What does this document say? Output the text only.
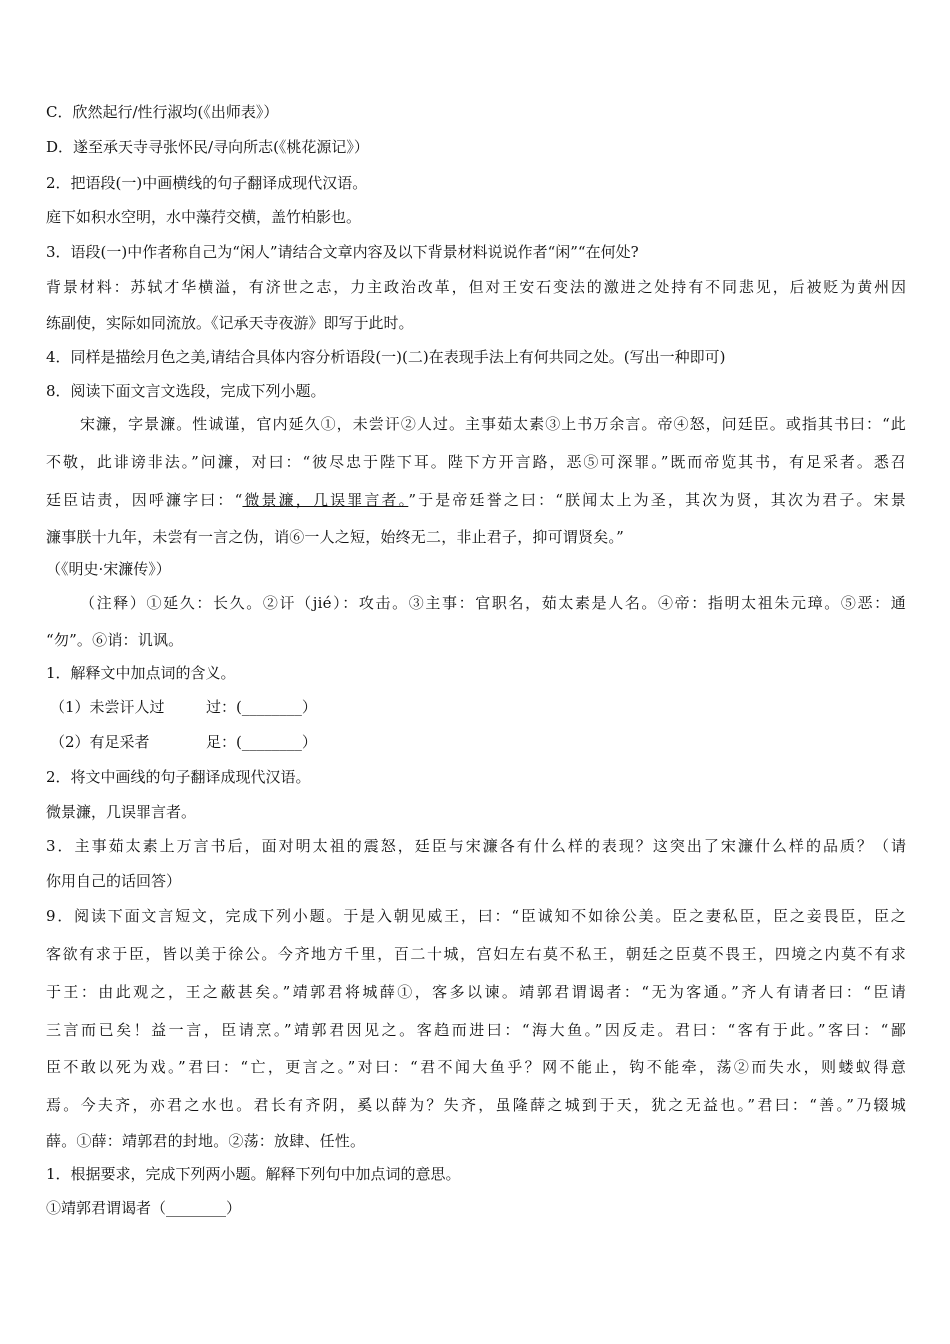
C．欣然起行/性行淑均(《出师表》）
D．遂至承天寺寻张怀民/寻向所志(《桃花源记》）
2．把语段(一)中画横线的句子翻译成现代汉语。
庭下如积水空明，水中藻荇交横，盖竹柏影也。
3．语段(一)中作者称自己为“闲人”请结合文章内容及以下背景材料说说作者“闲”“在何处?
背景材料：苏轼才华横溢，有济世之志，力主政治改革，但对王安石变法的激进之处持有不同悲见，后被贬为黄州因
练副使，实际如同流放。《记承天寺夜游》即写于此时。
4．同样是描绘月色之美,请结合具体内容分析语段(一)(二)在表现手法上有何共同之处。(写出一种即可)
8．阅读下面文言文选段，完成下列小题。
宋濂，字景濂。性诚谨，官内延久①，未尝讦②人过。主事茹太素③上书万余言。帝④怒，问廷臣。或指其书曰：“此
不敬，此诽谤非法。”问濂，对曰：“彼尽忠于陛下耳。陛下方开言路，恶⑤可深罪。”既而帝览其书，有足采者。悉召
廷臣诘责，因呼濂字曰：“微景濂，几误罪言者。”于是帝廷誉之曰：“朕闻太上为圣，其次为贤，其次为君子。宋景
濂事朕十九年，未尝有一言之伪，诮⑥一人之短，始终无二，非止君子，抑可谓贤矣。”
（《明史·宋濂传》）
（注释）①延久：长久。②讦（jié）：攻击。③主事：官职名，茹太素是人名。④帝：指明太祖朱元璋。⑤恶：通
“勿”。⑥诮：讥讽。
1．解释文中加点词的含义。
（1）未尝讦人过	过：(________）
（2）有足采者	足：(________）
2．将文中画线的句子翻译成现代汉语。
微景濂，几误罪言者。
3．主事茹太素上万言书后，面对明太祖的震怒，廷臣与宋濂各有什么样的表现？这突出了宋濂什么样的品质？（请
你用自己的话回答）
9．阅读下面文言短文，完成下列小题。于是入朝见威王，曰：“臣诚知不如徐公美。臣之妻私臣，臣之妾畏臣，臣之
客欲有求于臣，皆以美于徐公。今齐地方千里，百二十城，宫妇左右莫不私王，朝廷之臣莫不畏王，四境之内莫不有求
于王：由此观之，王之蔽甚矣。”靖郭君将城薛①，客多以谏。靖郭君谓谒者：“无为客通。”齐人有请者曰：“臣请
三言而已矣！益一言，臣请烹。”靖郭君因见之。客趋而进曰：“海大鱼。”因反走。君曰：“客有于此。”客曰：“鄙
臣不敢以死为戏。”君曰：“亡，更言之。”对曰：“君不闻大鱼乎？网不能止，钩不能牵，荡②而失水，则蝼蚁得意
焉。今夫齐，亦君之水也。君长有齐阴，奚以薛为？失齐，虽隆薛之城到于天，犹之无益也。”君曰：“善。”乃辍城
薛。①薛：靖郭君的封地。②荡：放肆、任性。
1．根据要求，完成下列两小题。解释下列句中加点词的意思。
①靖郭君谓谒者（________）
